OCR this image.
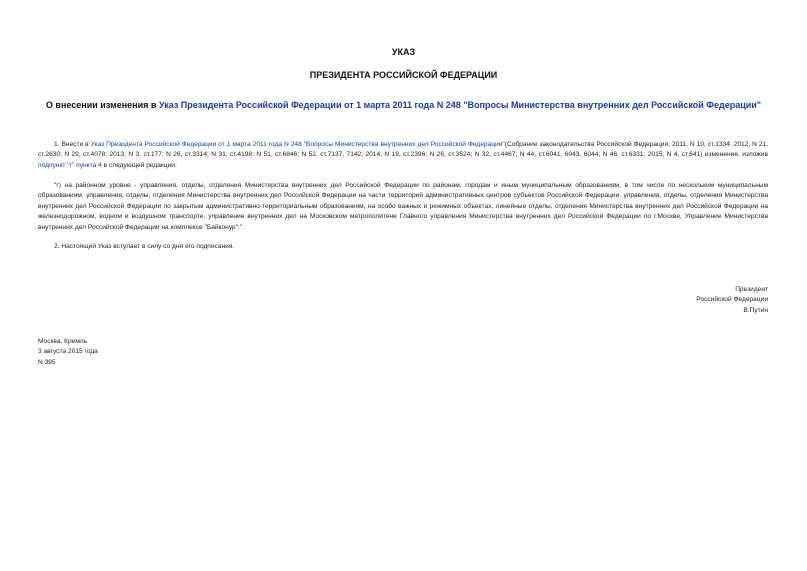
УКАЗ
ПРЕЗИДЕНТА РОССИЙСКОЙ ФЕДЕРАЦИИ
О внесении изменения в Указ Президента Российской Федерации от 1 марта 2011 года N 248 "Вопросы Министерства внутренних дел Российской Федерации"
1. Внести в Указ Президента Российской Федерации от 1 марта 2011 года N 248 "Вопросы Министерства внутренних дел Российской Федерации"(Собрание законодательства Российской Федерации, 2011, N 10, ст.1334; 2012, N 21, ст.2630; N 29, ст.4078; 2013, N 3, ст.177; N 26, ст.3314; N 31, ст.4198; N 51, ст.6846; N 52, ст.7137, 7142; 2014, N 19, ст.2396; N 26, ст.3524; N 32, ст.4467; N 44, ст.6041, 6043, 6044; N 46, ст.6331; 2015, N 4, ст.641) изменение, изложив подпункт "г" пункта 4 в следующей редакции:
"г) на районном уровне - управления, отделы, отделения Министерства внутренних дел Российской Федерации по районам, городам и иным муниципальным образованиям, в том числе по нескольким муниципальным образованиям, управления, отделы, отделения Министерства внутренних дел Российской Федерации на части территорий административных центров субъектов Российской Федерации, управления, отделы, отделения Министерства внутренних дел Российской Федерации по закрытым административно-территориальным образованиям, на особо важных и режимных объектах, линейные отделы, отделения Министерства внутренних дел Российской Федерации на железнодорожном, водном и воздушном транспорте, управление внутренних дел на Московском метрополитене Главного управления Министерства внутренних дел Российской Федерации по г.Москве, Управление Министерства внутренних дел Российской Федерации на комплексе "Байконур".".
2. Настоящий Указ вступает в силу со дня его подписания.
Президент
Российской Федерации
В.Путин
Москва, Кремль
3 августа 2015 года
N 395
